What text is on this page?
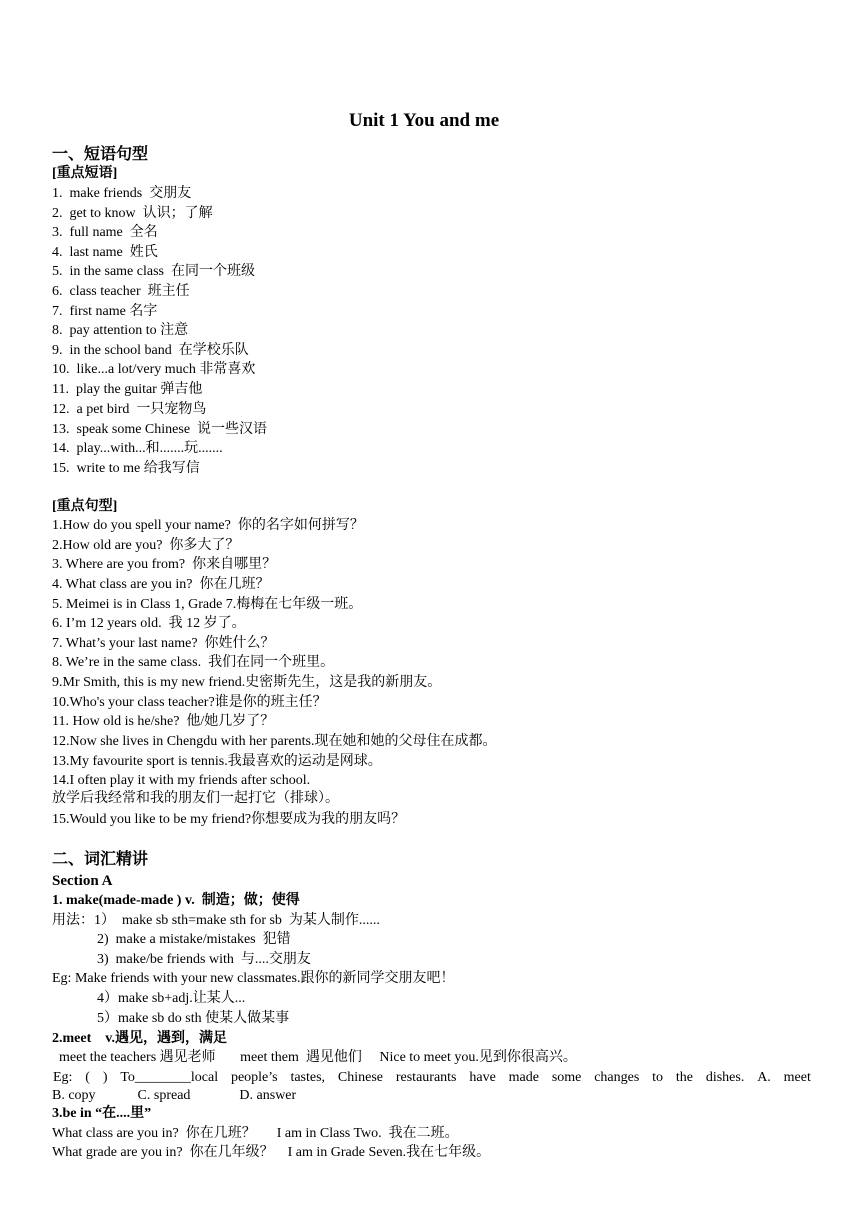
Unit 1 You and me
一、短语句型
[重点短语]
1.  make friends  交朋友
2.  get to know  认识；了解
3.  full name  全名
4.  last name  姓氏
5.  in the same class  在同一个班级
6.  class teacher  班主任
7.  first name 名字
8.  pay attention to 注意
9.  in the school band  在学校乐队
10.  like...a lot/very much 非常喜欢
11.  play the guitar 弹吉他
12.  a pet bird  一只宠物鸟
13.  speak some Chinese  说一些汉语
14.  play...with...和.......玩.......
15.  write to me 给我写信
[重点句型]
1.How do you spell your name?  你的名字如何拼写？
2.How old are you?  你多大了？
3. Where are you from?  你来自哪里？
4. What class are you in?  你在几班？
5. Meimei is in Class 1, Grade 7.梅梅在七年级一班。
6. I’m 12 years old.  我 12 岁了。
7. What’s your last name?  你姓什么？
8. We’re in the same class.  我们在同一个班里。
9.Mr Smith, this is my new friend.史密斯先生，这是我的新朋友。
10.Who's your class teacher?谁是你的班主任？
11. How old is he/she?  他/她几岁了？
12.Now she lives in Chengdu with her parents.现在她和她的父母住在成都。
13.My favourite sport is tennis.我最喜欢的运动是网球。
14.I often play it with my friends after school.
放学后我经常和我的朋友们一起打它（排球）。
15.Would you like to be my friend?你想要成为我的朋友吗？
二、词汇精讲
Section A
1. make(made-made ) v.  制造；做；使得
用法：1）  make sb sth=make sth for sb  为某人制作......
2)  make a mistake/mistakes  犯错
3)  make/be friends with  与....交朋友
Eg: Make friends with your new classmates.跟你的新同学交朋友吧！
4）make sb+adj.让某人...
5）make sb do sth 使某人做某事
2.meet    v.遇见，遇到，满足
meet the teachers 遇见老师       meet them  遇见他们     Nice to meet you.见到你很高兴。
Eg: ( ) To________local people’s tastes, Chinese restaurants have made some changes to the dishes. A. meet
B. copy            C. spread              D. answer
3.be in “在....里”
What class are you in?  你在几班？      I am in Class Two.  我在二班。
What grade are you in?  你在几年级？    I am in Grade Seven.我在七年级。
